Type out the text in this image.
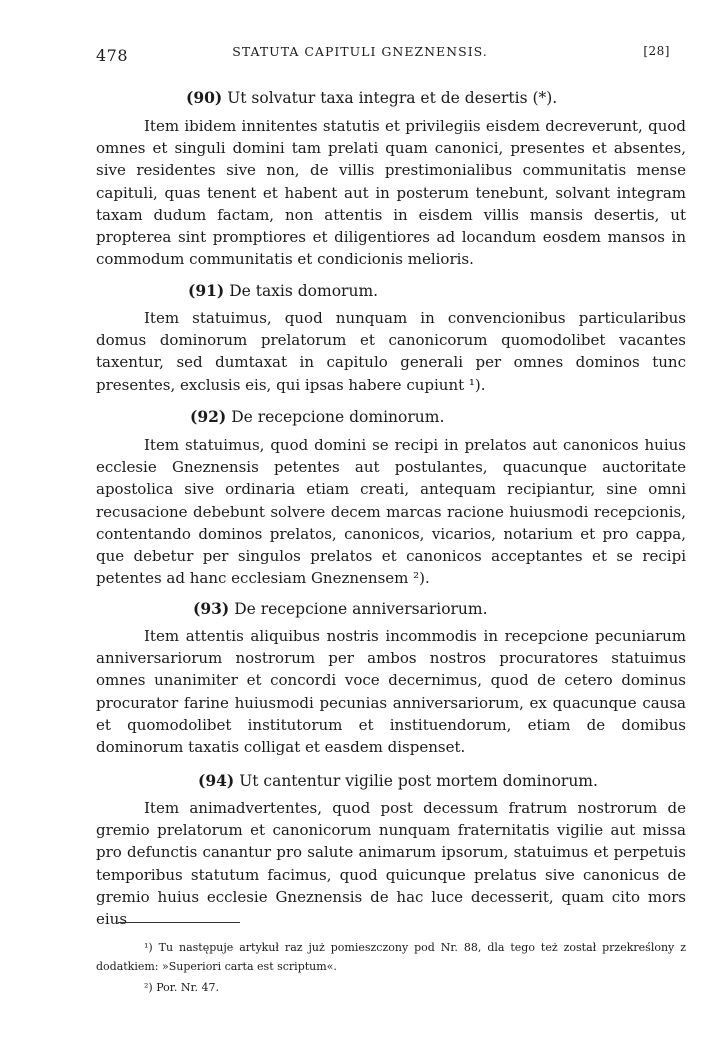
478	STATUTA CAPITULI GNEZNENSIS.	[28]
(90) Ut solvatur taxa integra et de desertis (*).

Item ibidem innitentes statutis et privilegiis eisdem decreverunt, quod omnes et singuli domini tam prelati quam canonici, presentes et absentes, sive residentes sive non, de villis prestimonialibus communitatis mense capituli, quas tenent et habent aut in posterum tenebunt, solvant integram taxam dudum factam, non attentis in eisdem villis mansis desertis, ut propterea sint promptiores et diligentiores ad locandum eosdem mansos in commodum communitatis et condicionis melioris.

(91) De taxis domorum.

Item statuimus, quod nunquam in convencionibus particularibus domus dominorum prelatorum et canonicorum quomodolibet vacantes taxentur, sed dumtaxat in capitulo generali per omnes dominos tunc presentes, exclusis eis, qui ipsas habere cupiunt ¹).

(92) De recepcione dominorum.

Item statuimus, quod domini se recipi in prelatos aut canonicos huius ecclesie Gneznensis petentes aut postulantes, quacunque auctoritate apostolica sive ordinaria etiam creati, antequam recipiantur, sine omni recusacione debebunt solvere decem marcas racione huiusmodi recepcionis, contentando dominos prelatos, canonicos, vicarios, notarium et pro cappa, que debetur per singulos prelatos et canonicos acceptantes et se recipi petentes ad hanc ecclesiam Gneznensem ²).

(93) De recepcione anniversariorum.

Item attentis aliquibus nostris incommodis in recepcione pecuniarum anniversariorum nostrorum per ambos nostros procuratores statuimus omnes unanimiter et concordi voce decernimus, quod de cetero dominus procurator farine huiusmodi pecunias anniversariorum, ex quacunque causa et quomodolibet institutorum et instituendorum, etiam de domibus dominorum taxatis colligat et easdem dispenset.

(94) Ut cantentur vigilie post mortem dominorum.

Item animadvertentes, quod post decessum fratrum nostrorum de gremio prelatorum et canonicorum nunquam fraternitatis vigilie aut missa pro defunctis canantur pro salute animarum ipsorum, statuimus et perpetuis temporibus statutum facimus, quod quicunque prelatus sive canonicus de gremio huius ecclesie Gneznensis de hac luce decesserit, quam cito mors eius

¹) Tu następuje artykuł raz już pomieszczony pod Nr. 88, dla tego też został przekreślony z dodatkiem: »Superiori carta est scriptum«.
²) Por. Nr. 47.
